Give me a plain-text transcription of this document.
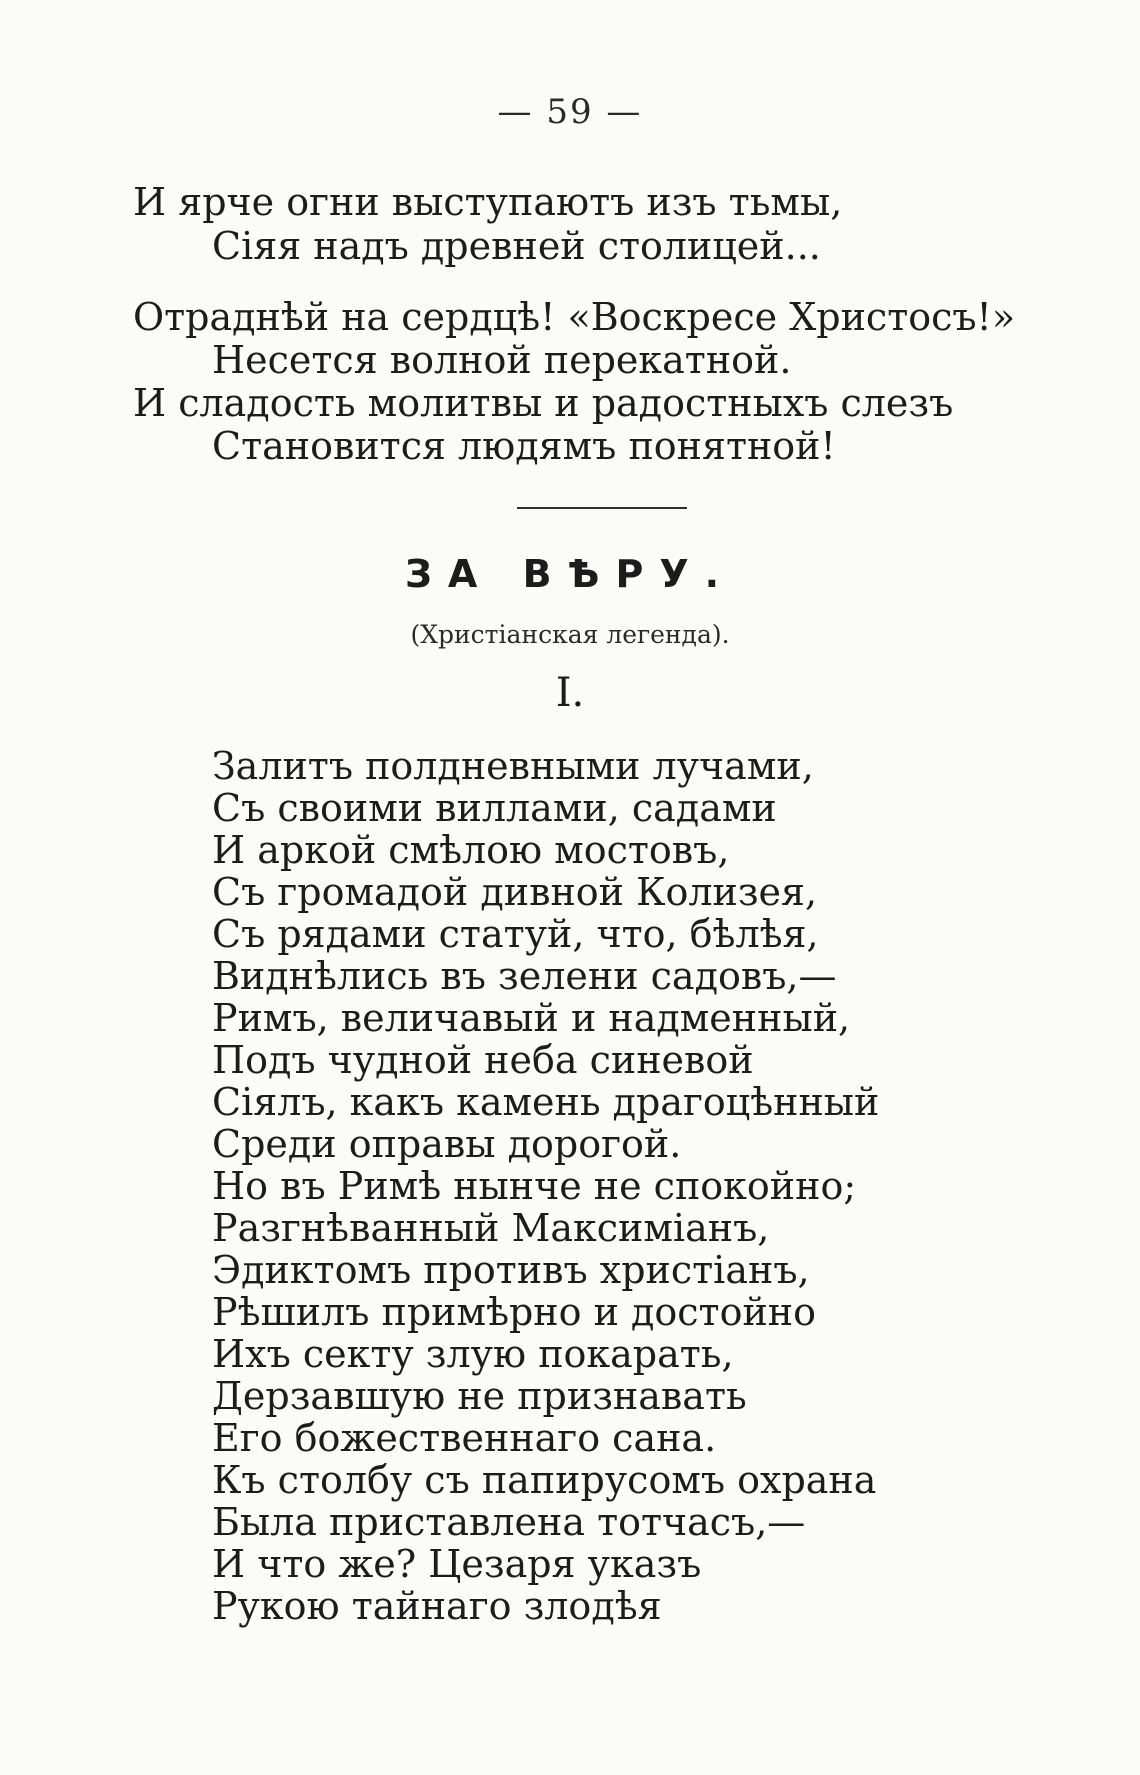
— 59 —
И ярче огни выступаютъ изъ тьмы,
Сіяя надъ древней столицей...
Отраднѣй на сердцѣ! «Воскресе Христосъ!»
Несется волной перекатной.
И сладость молитвы и радостныхъ слезъ
Становится людямъ понятной!
ЗА ВѢРУ.
(Христіанская легенда).
I.
Залитъ полдневными лучами,
Съ своими виллами, садами
И аркой смѣлою мостовъ,
Съ громадой дивной Колизея,
Съ рядами статуй, что, бѣлѣя,
Виднѣлись въ зелени садовъ,—
Римъ, величавый и надменный,
Подъ чудной неба синевой
Сіялъ, какъ камень драгоцѣнный
Среди оправы дорогой.
Но въ Римѣ нынче не спокойно;
Разгнѣванный Максиміанъ,
Эдиктомъ противъ христіанъ,
Рѣшилъ примѣрно и достойно
Ихъ секту злую покарать,
Дерзавшую не признавать
Его божественнаго сана.
Къ столбу съ папирусомъ охрана
Была приставлена тотчасъ,—
И что же? Цезаря указъ
Рукою тайнаго злодѣя
